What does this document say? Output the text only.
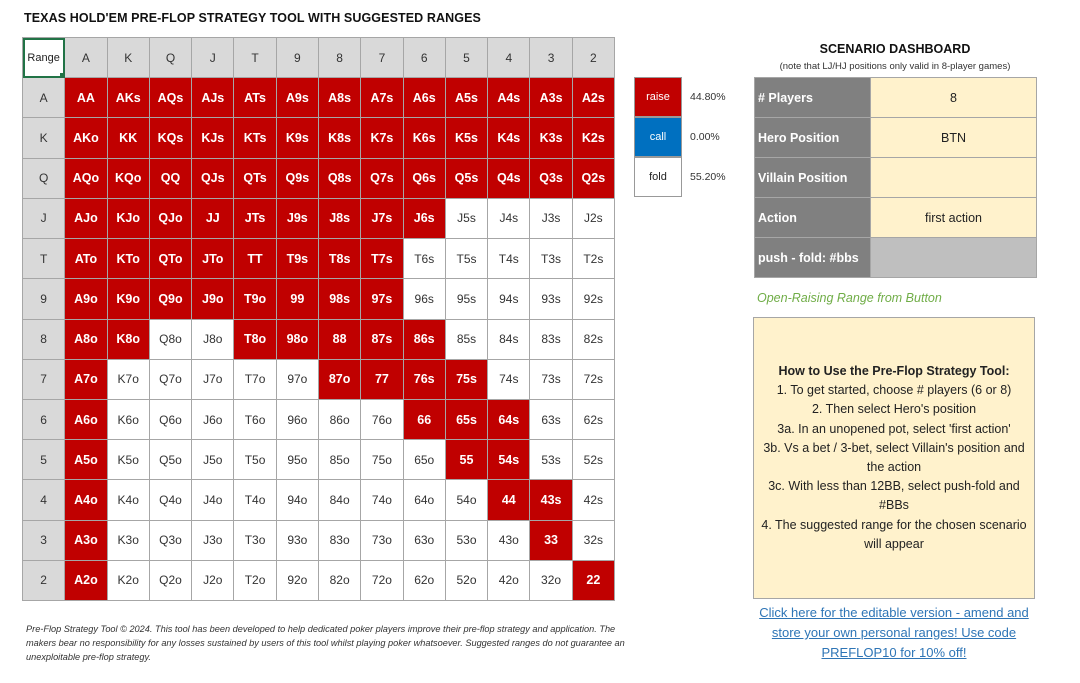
TEXAS HOLD'EM PRE-FLOP STRATEGY TOOL WITH SUGGESTED RANGES
Range	A	K	Q	J	T	9	8	7	6	5	4	3	2
A	AA	AKs	AQs	AJs	ATs	A9s	A8s	A7s	A6s	A5s	A4s	A3s	A2s
K	AKo	KK	KQs	KJs	KTs	K9s	K8s	K7s	K6s	K5s	K4s	K3s	K2s
Q	AQo	KQo	QQ	QJs	QTs	Q9s	Q8s	Q7s	Q6s	Q5s	Q4s	Q3s	Q2s
J	AJo	KJo	QJo	JJ	JTs	J9s	J8s	J7s	J6s	J5s	J4s	J3s	J2s
T	ATo	KTo	QTo	JTo	TT	T9s	T8s	T7s	T6s	T5s	T4s	T3s	T2s
9	A9o	K9o	Q9o	J9o	T9o	99	98s	97s	96s	95s	94s	93s	92s
8	A8o	K8o	Q8o	J8o	T8o	98o	88	87s	86s	85s	84s	83s	82s
7	A7o	K7o	Q7o	J7o	T7o	97o	87o	77	76s	75s	74s	73s	72s
6	A6o	K6o	Q6o	J6o	T6o	96o	86o	76o	66	65s	64s	63s	62s
5	A5o	K5o	Q5o	J5o	T5o	95o	85o	75o	65o	55	54s	53s	52s
4	A4o	K4o	Q4o	J4o	T4o	94o	84o	74o	64o	54o	44	43s	42s
3	A3o	K3o	Q3o	J3o	T3o	93o	83o	73o	63o	53o	43o	33	32s
2	A2o	K2o	Q2o	J2o	T2o	92o	82o	72o	62o	52o	42o	32o	22
raise	44.80%
call	0.00%
fold	55.20%
SCENARIO DASHBOARD
(note that LJ/HJ positions only valid in 8-player games)
# Players	8
Hero Position	BTN
Villain Position
Action	first action
push - fold: #bbs
Open-Raising Range from Button
How to Use the Pre-Flop Strategy Tool:
1. To get started, choose # players (6 or 8)
2. Then select Hero's position
3a. In an unopened pot, select 'first action'
3b. Vs a bet / 3-bet, select Villain's position and the action
3c. With less than 12BB, select push-fold and #BBs
4. The suggested range for the chosen scenario will appear
Click here for the editable version - amend and store your own personal ranges! Use code PREFLOP10 for 10% off!
Pre-Flop Strategy Tool © 2024. This tool has been developed to help dedicated poker players improve their pre-flop strategy and application. The makers bear no responsibility for any losses sustained by users of this tool whilst playing poker whatsoever. Suggested ranges do not guarantee an unexploitable pre-flop strategy.
